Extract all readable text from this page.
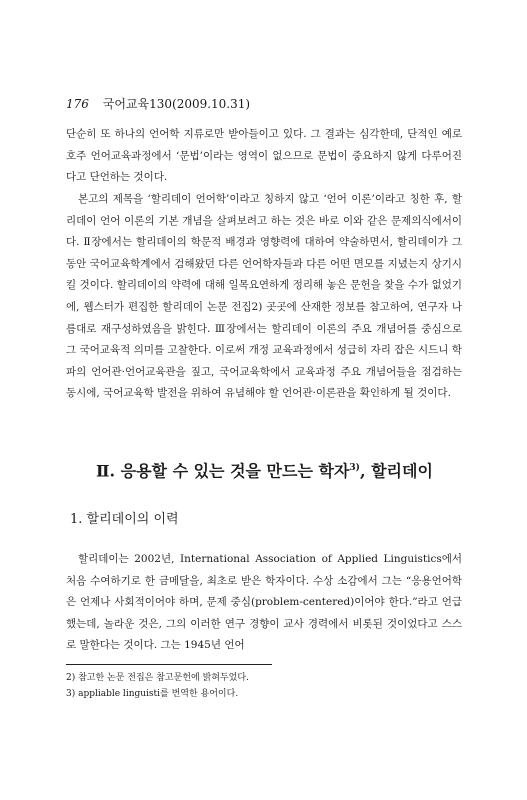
176 국어교육130(2009.10.31)

단순히 또 하나의 언어학 지류로만 받아들이고 있다. 그 결과는 심각한데, 단적인 예로 호주 언어교육과정에서 ‘문법’이라는 영역이 없으므로 문법이 중요하지 않게 다루어진다고 단언하는 것이다.

본고의 제목을 ‘할리데이 언어학’이라고 칭하지 않고 ‘언어 이론’이라고 칭한 후, 할리데이 언어 이론의 기본 개념을 살펴보려고 하는 것은 바로 이와 같은 문제의식에서이다. Ⅱ장에서는 할리데이의 학문적 배경과 영향력에 대하여 약술하면서, 할리데이가 그동안 국어교육학계에서 검해왔던 다른 언어학자들과 다른 어떤 면모를 지녔는지 상기시킬 것이다. 할리데이의 약력에 대해 일목요연하게 정리해 놓은 문헌을 찾을 수가 없었기에, 웹스터가 편집한 할리데이 논문 전집2) 곳곳에 산재한 정보를 참고하여, 연구자 나름대로 재구성하였음을 밝힌다. Ⅲ장에서는 할리데이 이론의 주요 개념어를 중심으로 그 국어교육적 의미를 고찰한다. 이로써 개정 교육과정에서 성급히 자리 잡은 시드니 학파의 언어관·언어교육관을 짚고, 국어교육학에서 교육과정 주요 개념어들을 점검하는 동시에, 국어교육학 발전을 위하여 유념해야 할 언어관·이론관을 확인하게 될 것이다.

Ⅱ. 응용할 수 있는 것을 만드는 학자$^{3)}$, 할리데이
1. 할리데이의 이력

할리데이는 2002년, International Association of Applied Linguistics에서 처음 수여하기로 한 금메달을, 최초로 받은 학자이다. 수상 소감에서 그는 “응용언어학은 언제나 사회적이어야 하며, 문제 중심(problem-centered)이어야 한다.”라고 언급했는데, 놀라운 것은, 그의 이러한 연구 경향이 교사 경력에서 비롯된 것이었다고 스스로 말한다는 것이다. 그는 1945년 언어

2) 참고한 논문 전집은 참고문헌에 밝혀두었다.
3) appliable linguisti를 번역한 용어이다.
